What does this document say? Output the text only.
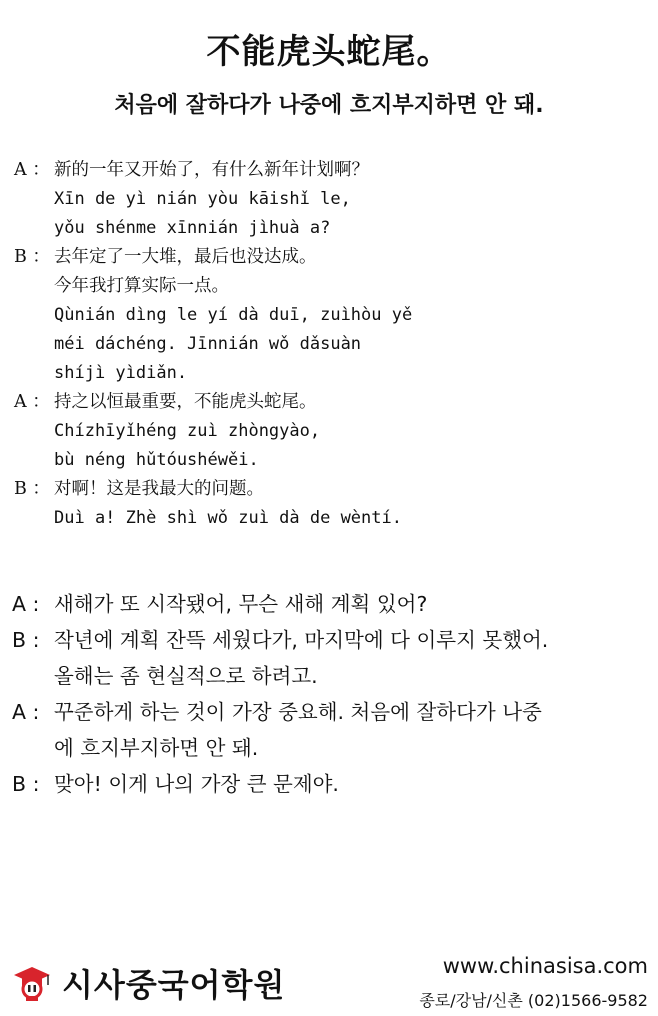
不能虎头蛇尾。
처음에 잘하다가 나중에 흐지부지하면 안 돼.
A ： 新的一年又开始了，有什么新年计划啊？
Xīn de yì nián yòu kāishǐ le,
yǒu shénme xīnnián jìhuà a?
B ： 去年定了一大堆，最后也没达成。
今年我打算实际一点。
Qùnián dìng le yí dà duī, zuìhòu yě
méi dáchéng. Jīnnián wǒ dǎsuàn
shíjì yìdiǎn.
A ： 持之以恒最重要，不能虎头蛇尾。
Chízhīyǐhéng zuì zhòngyào,
bù néng hǔtóushéwěi.
B ： 对啊！这是我最大的问题。
Duì a! Zhè shì wǒ zuì dà de wèntí.
A : 새해가 또 시작됐어, 무슨 새해 계획 있어?
B : 작년에 계획 잔뜩 세웠다가, 마지막에 다 이루지 못했어.
올해는 좀 현실적으로 하려고.
A : 꾸준하게 하는 것이 가장 중요해. 처음에 잘하다가 나중
에 흐지부지하면 안 돼.
B : 맞아! 이게 나의 가장 큰 문제야.
시사중국어학원	www.chinasisa.com
종로/강남/신촌 (02)1566-9582
